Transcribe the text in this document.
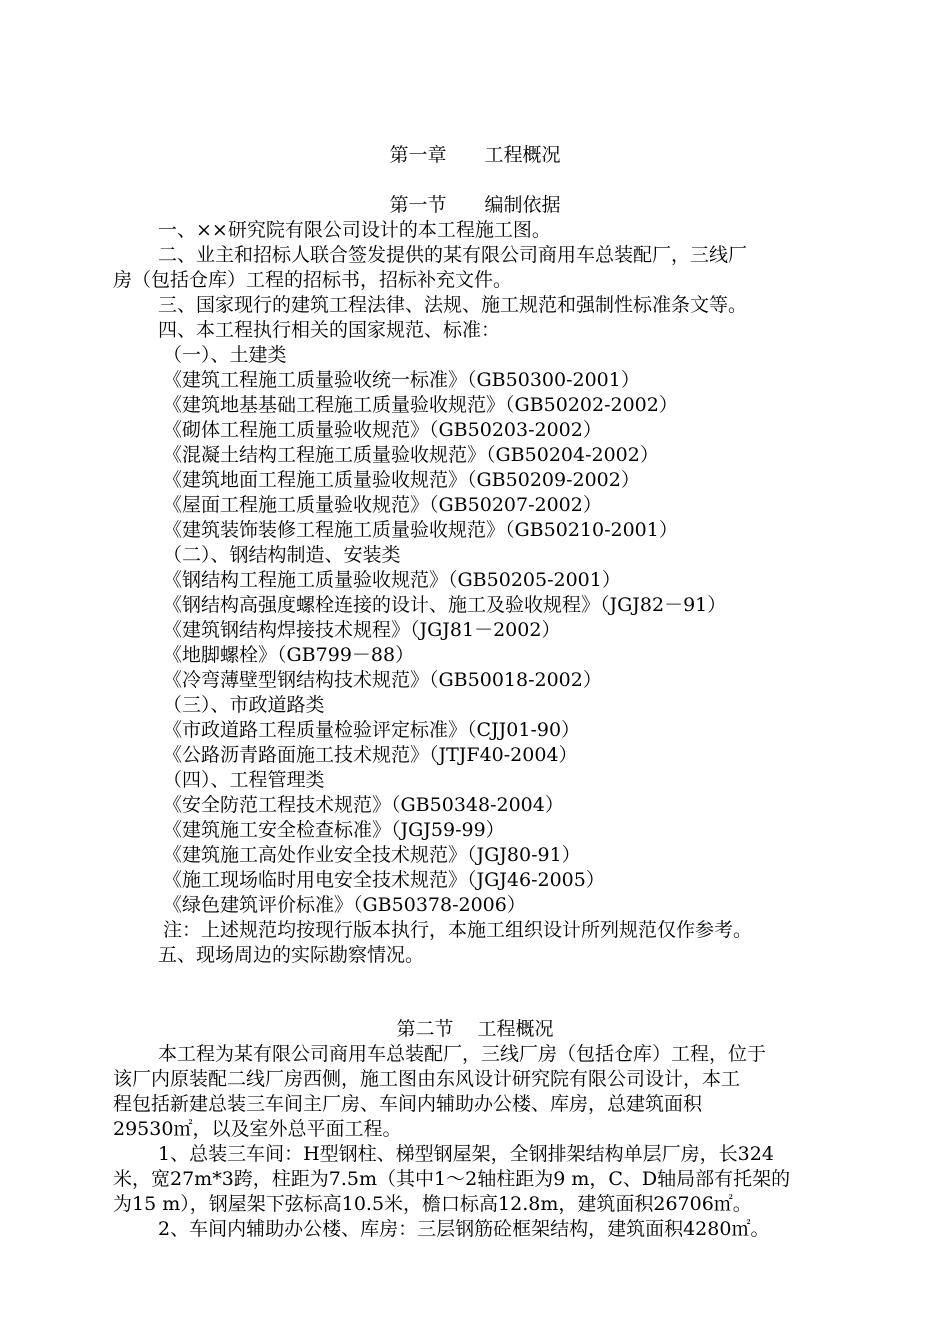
第一章 工程概况
第一节 编制依据
一、××研究院有限公司设计的本工程施工图。
二、业主和招标人联合签发提供的某有限公司商用车总装配厂，三线厂
房（包括仓库）工程的招标书，招标补充文件。
三、国家现行的建筑工程法律、法规、施工规范和强制性标准条文等。
四、本工程执行相关的国家规范、标准：
（一）、土建类
《建筑工程施工质量验收统一标准》（GB50300-2001）
《建筑地基基础工程施工质量验收规范》（GB50202-2002）
《砌体工程施工质量验收规范》（GB50203-2002）
《混凝土结构工程施工质量验收规范》（GB50204-2002）
《建筑地面工程施工质量验收规范》（GB50209-2002）
《屋面工程施工质量验收规范》（GB50207-2002）
《建筑装饰装修工程施工质量验收规范》（GB50210-2001）
（二）、钢结构制造、安装类
《钢结构工程施工质量验收规范》（GB50205-2001）
《钢结构高强度螺栓连接的设计、施工及验收规程》（JGJ82－91）
《建筑钢结构焊接技术规程》（JGJ81－2002）
《地脚螺栓》（GB799－88）
《冷弯薄壁型钢结构技术规范》（GB50018-2002）
（三）、市政道路类
《市政道路工程质量检验评定标准》（CJJ01-90）
《公路沥青路面施工技术规范》（JTJF40-2004）
（四）、工程管理类
《安全防范工程技术规范》（GB50348-2004）
《建筑施工安全检查标准》（JGJ59-99）
《建筑施工高处作业安全技术规范》（JGJ80-91）
《施工现场临时用电安全技术规范》（JGJ46-2005）
《绿色建筑评价标准》（GB50378-2006）
注：上述规范均按现行版本执行，本施工组织设计所列规范仅作参考。
五、现场周边的实际勘察情况。
第二节 工程概况
本工程为某有限公司商用车总装配厂，三线厂房（包括仓库）工程，位于
该厂内原装配二线厂房西侧，施工图由东风设计研究院有限公司设计，本工
程包括新建总装三车间主厂房、车间内辅助办公楼、库房，总建筑面积
29530㎡，以及室外总平面工程。
1、总装三车间：H型钢柱、梯型钢屋架，全钢排架结构单层厂房，长324
米，宽27m*3跨，柱距为7.5m（其中1～2轴柱距为9 m，C、D轴局部有托架的
为15 m），钢屋架下弦标高10.5米，檐口标高12.8m，建筑面积26706㎡。
2、车间内辅助办公楼、库房：三层钢筋砼框架结构，建筑面积4280㎡。
